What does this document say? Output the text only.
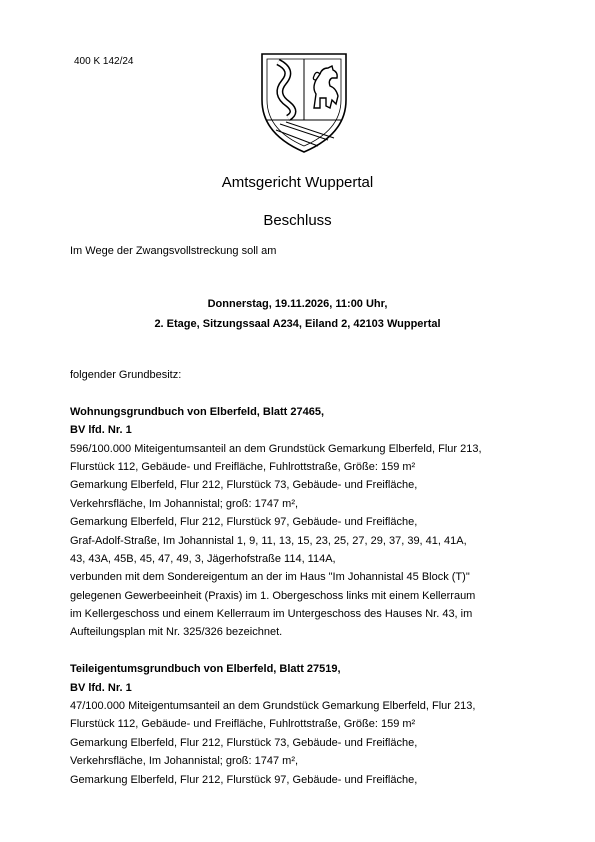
400 K 142/24
Amtsgericht Wuppertal
Beschluss
Im Wege der Zwangsvollstreckung soll am
Donnerstag, 19.11.2026, 11:00 Uhr,
2. Etage, Sitzungssaal A234, Eiland 2, 42103 Wuppertal
folgender Grundbesitz:
Wohnungsgrundbuch von Elberfeld, Blatt 27465,
BV lfd. Nr. 1
596/100.000 Miteigentumsanteil an dem Grundstück Gemarkung Elberfeld, Flur 213,
Flurstück 112, Gebäude- und Freifläche, Fuhlrottstraße, Größe: 159 m²
Gemarkung Elberfeld, Flur 212, Flurstück 73, Gebäude- und Freifläche,
Verkehrsfläche, Im Johannistal; groß: 1747 m²,
Gemarkung Elberfeld, Flur 212, Flurstück 97, Gebäude- und Freifläche,
Graf-Adolf-Straße, Im Johannistal 1, 9, 11, 13, 15, 23, 25, 27, 29, 37, 39, 41, 41A,
43, 43A, 45B, 45, 47, 49, 3, Jägerhofstraße 114, 114A,
verbunden mit dem Sondereigentum an der im Haus "Im Johannistal 45 Block (T)"
gelegenen Gewerbeeinheit (Praxis) im 1. Obergeschoss links mit einem Kellerraum
im Kellergeschoss und einem Kellerraum im Untergeschoss des Hauses Nr. 43, im
Aufteilungsplan mit Nr. 325/326 bezeichnet.
Teileigentumsgrundbuch von Elberfeld, Blatt 27519,
BV lfd. Nr. 1
47/100.000 Miteigentumsanteil an dem Grundstück Gemarkung Elberfeld, Flur 213,
Flurstück 112, Gebäude- und Freifläche, Fuhlrottstraße, Größe: 159 m²
Gemarkung Elberfeld, Flur 212, Flurstück 73, Gebäude- und Freifläche,
Verkehrsfläche, Im Johannistal; groß: 1747 m²,
Gemarkung Elberfeld, Flur 212, Flurstück 97, Gebäude- und Freifläche,
